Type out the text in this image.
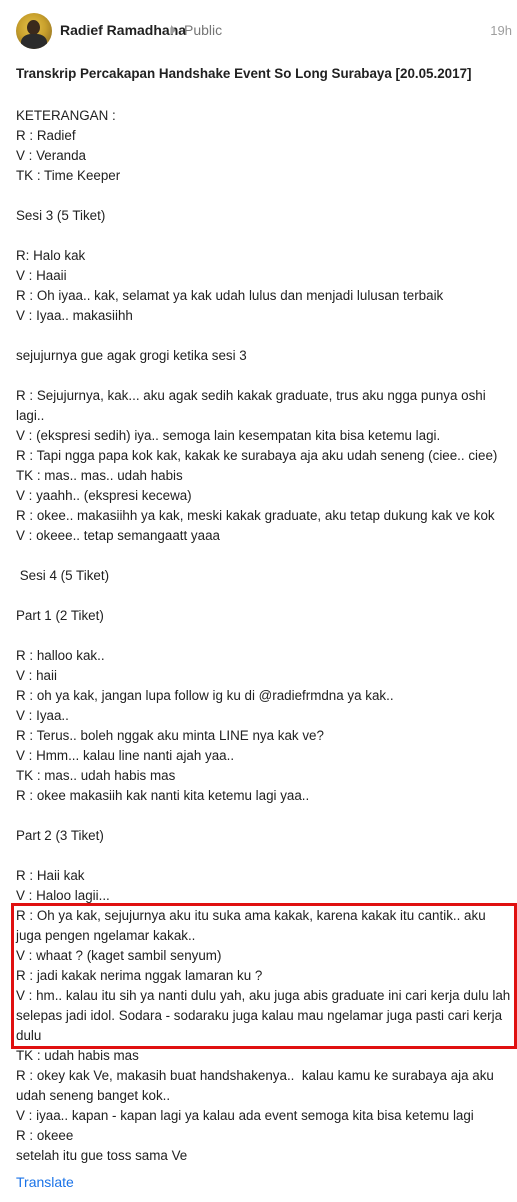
Radief Ramadhana
Public	19h
Transkrip Percakapan Handshake Event So Long Surabaya [20.05.2017]
KETERANGAN :
R : Radief
V : Veranda
TK : Time Keeper
Sesi 3 (5 Tiket)
R: Halo kak
V : Haaii
R : Oh iyaa.. kak, selamat ya kak udah lulus dan menjadi lulusan terbaik
V : Iyaa.. makasiihh
sejujurnya gue agak grogi ketika sesi 3
R : Sejujurnya, kak... aku agak sedih kakak graduate, trus aku ngga punya oshi lagi..
V : (ekspresi sedih) iya.. semoga lain kesempatan kita bisa ketemu lagi.
R : Tapi ngga papa kok kak, kakak ke surabaya aja aku udah seneng (ciee.. ciee)
TK : mas.. mas.. udah habis
V : yaahh.. (ekspresi kecewa)
R : okee.. makasiihh ya kak, meski kakak graduate, aku tetap dukung kak ve kok
V : okeee.. tetap semangaatt yaaa
Sesi 4 (5 Tiket)
Part 1 (2 Tiket)
R : halloo kak..
V : haii
R : oh ya kak, jangan lupa follow ig ku di @radiefrmdna ya kak..
V : Iyaa..
R : Terus.. boleh nggak aku minta LINE nya kak ve?
V : Hmm... kalau line nanti ajah yaa..
TK : mas.. udah habis mas
R : okee makasiih kak nanti kita ketemu lagi yaa..
Part 2 (3 Tiket)
R : Haii kak
V : Haloo lagii...
R : Oh ya kak, sejujurnya aku itu suka ama kakak, karena kakak itu cantik.. aku juga pengen ngelamar kakak..
V : whaat ? (kaget sambil senyum)
R : jadi kakak nerima nggak lamaran ku ?
V : hm.. kalau itu sih ya nanti dulu yah, aku juga abis graduate ini cari kerja dulu lah selepas jadi idol. Sodara - sodaraku juga kalau mau ngelamar juga pasti cari kerja dulu
TK : udah habis mas
R : okey kak Ve, makasih buat handshakenya..  kalau kamu ke surabaya aja aku udah seneng banget kok..
V : iyaa.. kapan - kapan lagi ya kalau ada event semoga kita bisa ketemu lagi
R : okeee
setelah itu gue toss sama Ve
Translate
